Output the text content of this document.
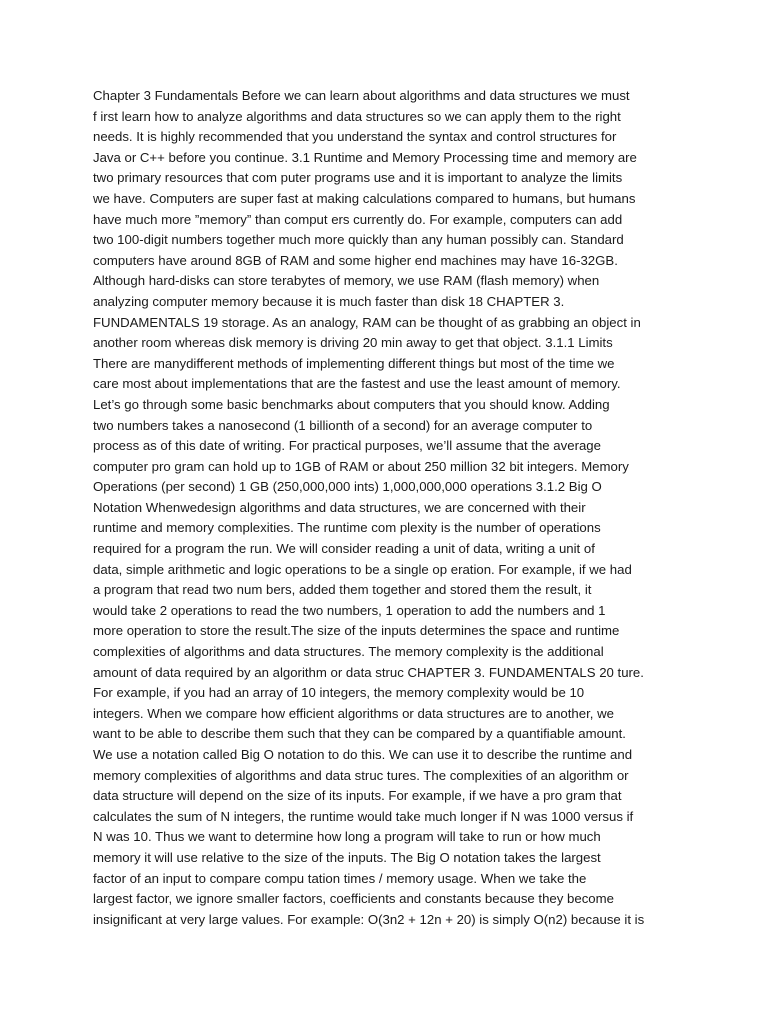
Chapter 3 Fundamentals Before we can learn about algorithms and data structures we must
f irst learn how to analyze algorithms and data structures so we can apply them to the right
needs. It is highly recommended that you understand the syntax and control structures for
Java or C++ before you continue. 3.1 Runtime and Memory Processing time and memory are
two primary resources that com puter programs use and it is important to analyze the limits
we have. Computers are super fast at making calculations compared to humans, but humans
have much more ”memory” than comput ers currently do. For example, computers can add
two 100-digit numbers together much more quickly than any human possibly can. Standard
computers have around 8GB of RAM and some higher end machines may have 16-32GB.
Although hard-disks can store terabytes of memory, we use RAM (flash memory) when
analyzing computer memory because it is much faster than disk 18 CHAPTER 3.
FUNDAMENTALS 19 storage. As an analogy, RAM can be thought of as grabbing an object in
another room whereas disk memory is driving 20 min away to get that object. 3.1.1 Limits
There are manydifferent methods of implementing different things but most of the time we
care most about implementations that are the fastest and use the least amount of memory.
Let’s go through some basic benchmarks about computers that you should know. Adding
two numbers takes a nanosecond (1 billionth of a second) for an average computer to
process as of this date of writing. For practical purposes, we’ll assume that the average
computer pro gram can hold up to 1GB of RAM or about 250 million 32 bit integers. Memory
Operations (per second) 1 GB (250,000,000 ints) 1,000,000,000 operations 3.1.2 Big O
Notation Whenwedesign algorithms and data structures, we are concerned with their
runtime and memory complexities. The runtime com plexity is the number of operations
required for a program the run. We will consider reading a unit of data, writing a unit of
data, simple arithmetic and logic operations to be a single op eration. For example, if we had
a program that read two num bers, added them together and stored them the result, it
would take 2 operations to read the two numbers, 1 operation to add the numbers and 1
more operation to store the result.The size of the inputs determines the space and runtime
complexities of algorithms and data structures. The memory complexity is the additional
amount of data required by an algorithm or data struc CHAPTER 3. FUNDAMENTALS 20 ture.
For example, if you had an array of 10 integers, the memory complexity would be 10
integers. When we compare how efficient algorithms or data structures are to another, we
want to be able to describe them such that they can be compared by a quantifiable amount.
We use a notation called Big O notation to do this. We can use it to describe the runtime and
memory complexities of algorithms and data struc tures. The complexities of an algorithm or
data structure will depend on the size of its inputs. For example, if we have a pro gram that
calculates the sum of N integers, the runtime would take much longer if N was 1000 versus if
N was 10. Thus we want to determine how long a program will take to run or how much
memory it will use relative to the size of the inputs. The Big O notation takes the largest
factor of an input to compare compu tation times / memory usage. When we take the
largest factor, we ignore smaller factors, coefficients and constants because they become
insignificant at very large values. For example: O(3n2 + 12n + 20) is simply O(n2) because it is
